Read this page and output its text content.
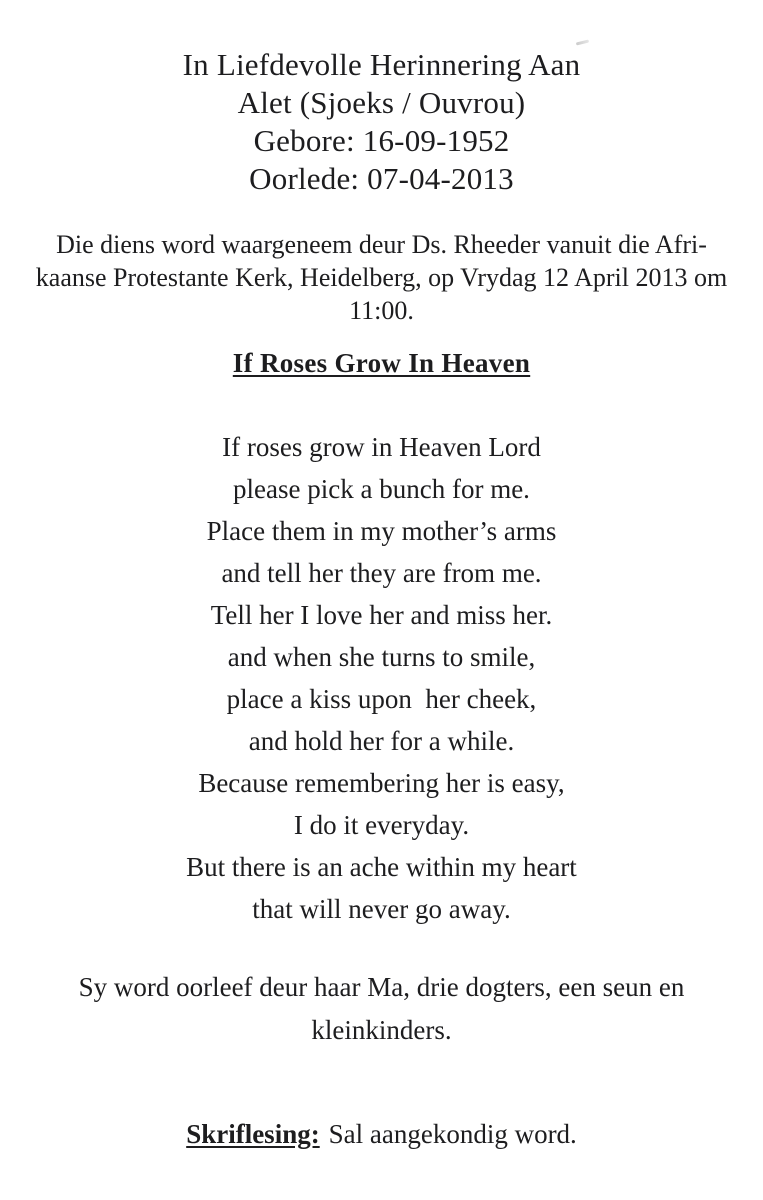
In Liefdevolle Herinnering Aan
Alet (Sjoeks / Ouvrou)
Gebore: 16-09-1952
Oorlede: 07-04-2013
Die diens word waargeneem deur Ds. Rheeder vanuit die Afri-
kaanse Protestante Kerk, Heidelberg, op Vrydag 12 April 2013 om
11:00.
If Roses Grow In Heaven
If roses grow in Heaven Lord
please pick a bunch for me.
Place them in my mother’s arms
and tell her they are from me.
Tell her I love her and miss her.
and when she turns to smile,
place a kiss upon  her cheek,
and hold her for a while.
Because remembering her is easy,
I do it everyday.
But there is an ache within my heart
that will never go away.
Sy word oorleef deur haar Ma, drie dogters, een seun en
kleinkinders.
Skriflesing: Sal aangekondig word.
